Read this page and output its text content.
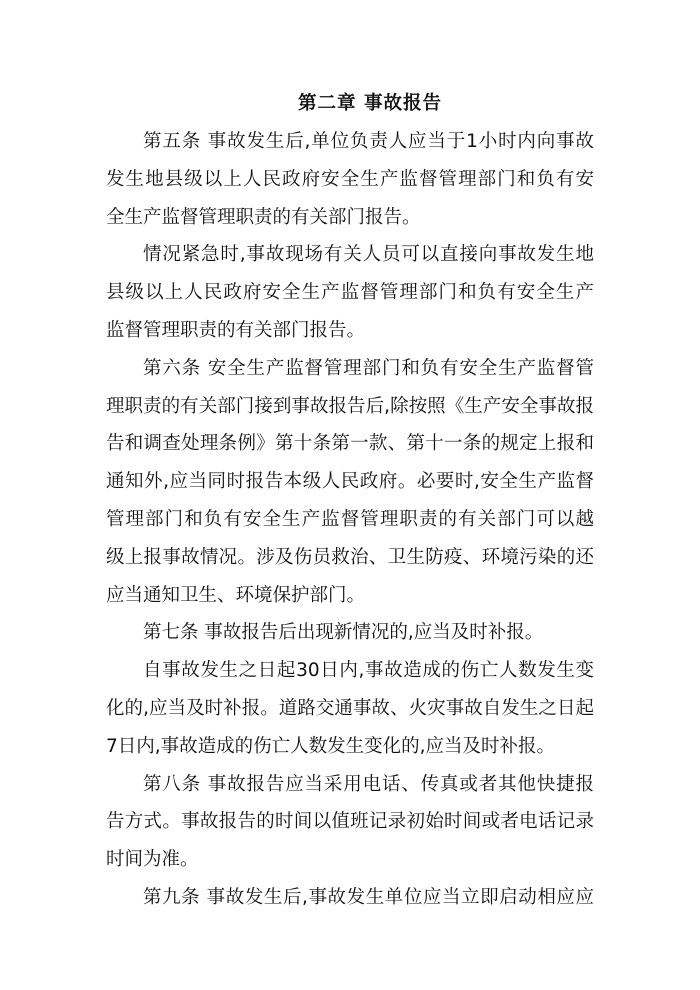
第二章 事故报告
第五条 事故发生后,单位负责人应当于1小时内向事故
发生地县级以上人民政府安全生产监督管理部门和负有安
全生产监督管理职责的有关部门报告。
情况紧急时,事故现场有关人员可以直接向事故发生地
县级以上人民政府安全生产监督管理部门和负有安全生产
监督管理职责的有关部门报告。
第六条 安全生产监督管理部门和负有安全生产监督管
理职责的有关部门接到事故报告后,除按照《生产安全事故报
告和调查处理条例》第十条第一款、第十一条的规定上报和
通知外,应当同时报告本级人民政府。必要时,安全生产监督
管理部门和负有安全生产监督管理职责的有关部门可以越
级上报事故情况。涉及伤员救治、卫生防疫、环境污染的还
应当通知卫生、环境保护部门。
第七条 事故报告后出现新情况的,应当及时补报。
自事故发生之日起30日内,事故造成的伤亡人数发生变
化的,应当及时补报。道路交通事故、火灾事故自发生之日起
7日内,事故造成的伤亡人数发生变化的,应当及时补报。
第八条 事故报告应当采用电话、传真或者其他快捷报
告方式。事故报告的时间以值班记录初始时间或者电话记录
时间为准。
第九条 事故发生后,事故发生单位应当立即启动相应应
